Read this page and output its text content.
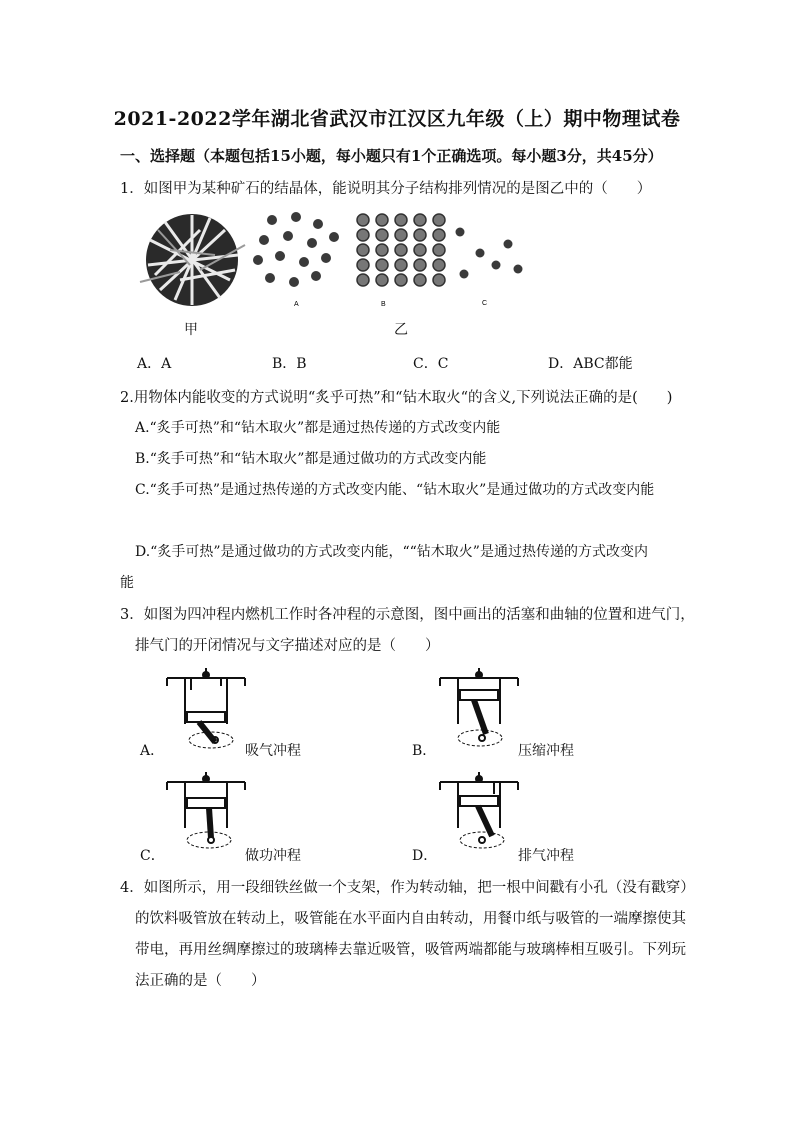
2021-2022学年湖北省武汉市江汉区九年级（上）期中物理试卷
一、选择题（本题包括15小题，每小题只有1个正确选项。每小题3分，共45分）
1．如图甲为某种矿石的结晶体，能说明其分子结构排列情况的是图乙中的（　　）
A	B	C
甲	乙
A．A	B．B	C．C	D．ABC都能
2.用物体内能收变的方式说明“炙乎可热”和“钻木取火“的含义,下列说法正确的是(　　)
A.“炙手可热”和“钻木取火”都是通过热传递的方式改变内能
B.“炙手可热”和“钻木取火”都是通过做功的方式改变内能
C.“炙手可热”是通过热传递的方式改变内能、“钻木取火”是通过做功的方式改变内能
D.“炙手可热”是通过做功的方式改变内能，““钻木取火”是通过热传递的方式改变内
能
3．如图为四冲程内燃机工作时各冲程的示意图，图中画出的活塞和曲轴的位置和进气门，
排气门的开闭情况与文字描述对应的是（　　）
A．	吸气冲程	B．	压缩冲程
C．	做功冲程	D．	排气冲程
4．如图所示，用一段细铁丝做一个支架，作为转动轴，把一根中间戳有小孔（没有戳穿）
的饮料吸管放在转动上，吸管能在水平面内自由转动，用餐巾纸与吸管的一端摩擦使其
带电，再用丝绸摩擦过的玻璃棒去靠近吸管，吸管两端都能与玻璃棒相互吸引。下列玩
法正确的是（　　）
